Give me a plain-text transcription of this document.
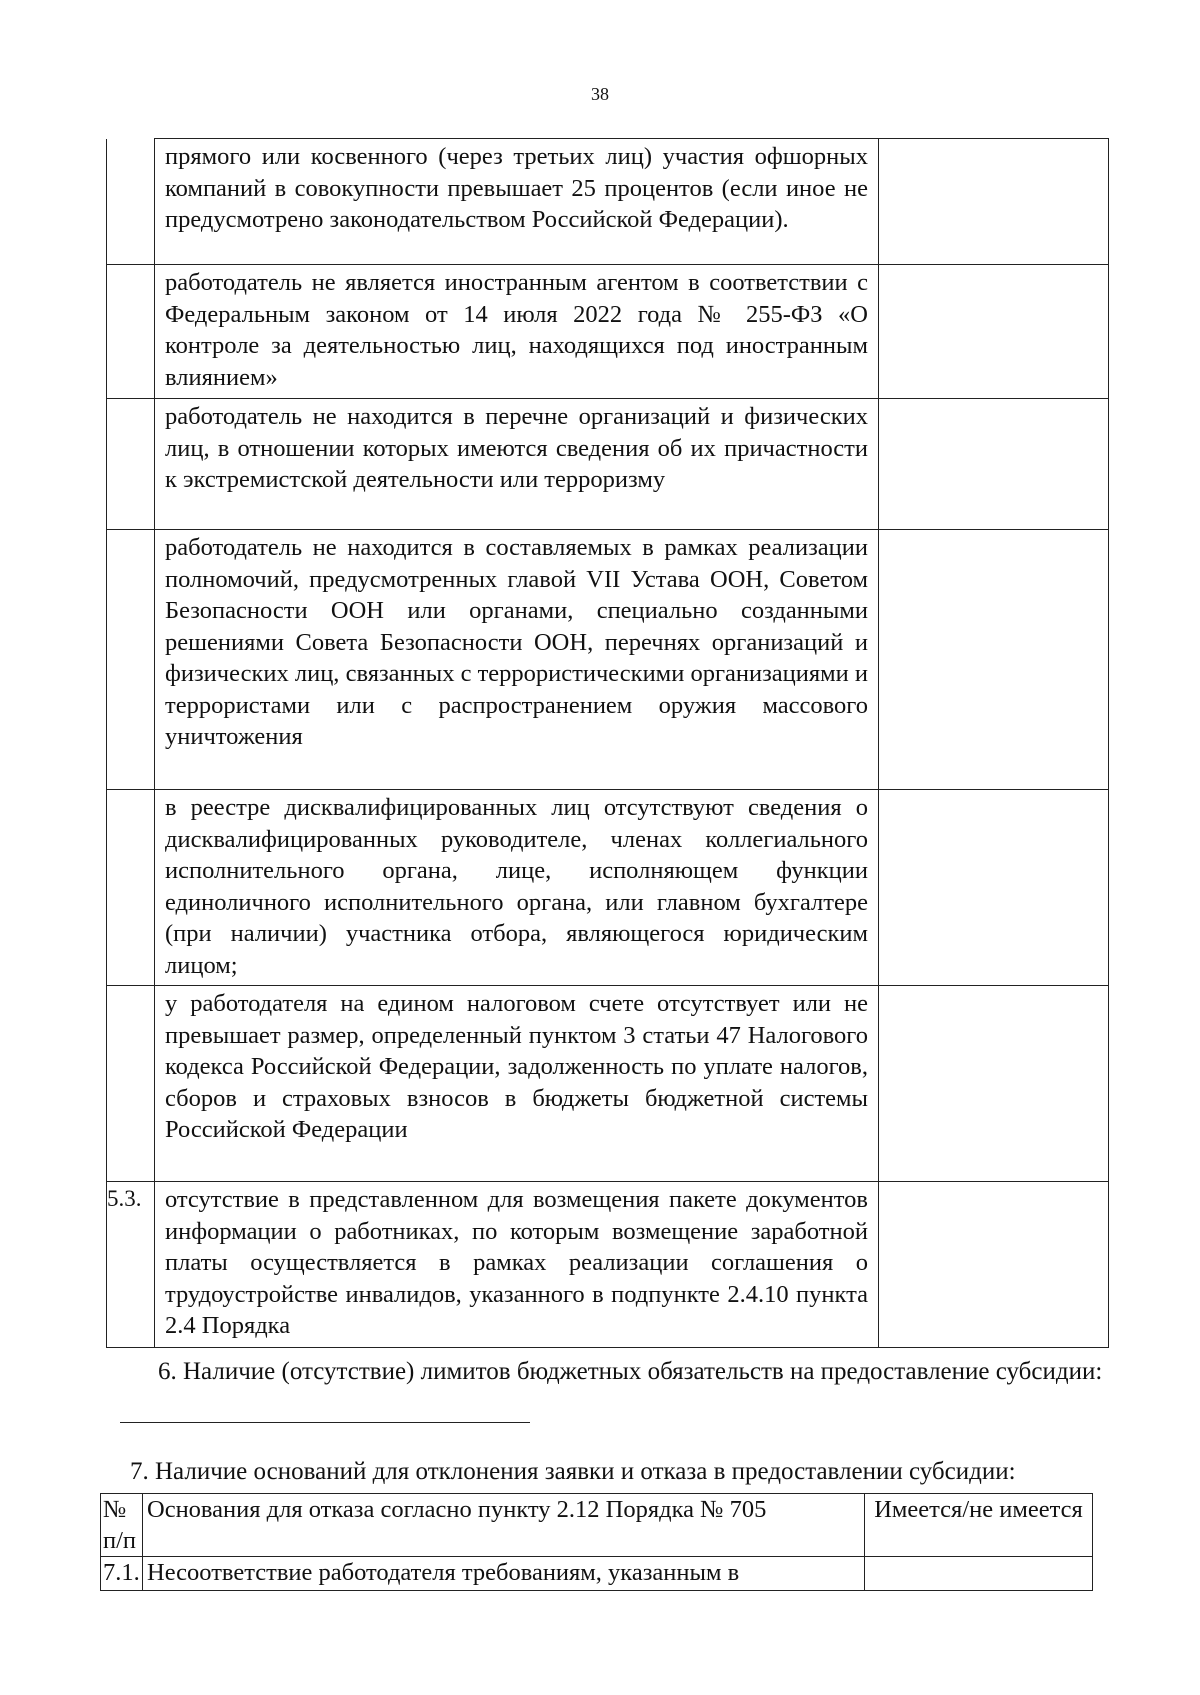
38
	прямого или косвенного (через третьих лиц) участия офшорных компаний в совокупности превышает 25 процентов (если иное не предусмотрено законодательством Российской Федерации).	
	работодатель не является иностранным агентом в соответствии с Федеральным законом от 14 июля 2022 года № 255-ФЗ «О контроле за деятельностью лиц, находящихся под иностранным влиянием»	
	работодатель не находится в перечне организаций и физических лиц, в отношении которых имеются сведения об их причастности к экстремистской деятельности или терроризму	
	работодатель не находится в составляемых в рамках реализации полномочий, предусмотренных главой VII Устава ООН, Советом Безопасности ООН или органами, специально созданными решениями Совета Безопасности ООН, перечнях организаций и физических лиц, связанных с террористическими организациями и террористами или с распространением оружия массового уничтожения	
	в реестре дисквалифицированных лиц отсутствуют сведения о дисквалифицированных руководителе, членах коллегиального исполнительного органа, лице, исполняющем функции единоличного исполнительного органа, или главном бухгалтере (при наличии) участника отбора, являющегося юридическим лицом;	
	у работодателя на едином налоговом счете отсутствует или не превышает размер, определенный пунктом 3 статьи 47 Налогового кодекса Российской Федерации, задолженность по уплате налогов, сборов и страховых взносов в бюджеты бюджетной системы Российской Федерации	
5.3.	отсутствие в представленном для возмещения пакете документов информации о работниках, по которым возмещение заработной платы осуществляется в рамках реализации соглашения о трудоустройстве инвалидов, указанного в подпункте 2.4.10 пункта 2.4 Порядка	
6. Наличие (отсутствие) лимитов бюджетных обязательств на предоставление субсидии:
7. Наличие оснований для отклонения заявки и отказа в предоставлении субсидии:
№ п/п	Основания для отказа согласно пункту 2.12 Порядка № 705	Имеется/не имеется
7.1.	Несоответствие работодателя требованиям, указанным в	
